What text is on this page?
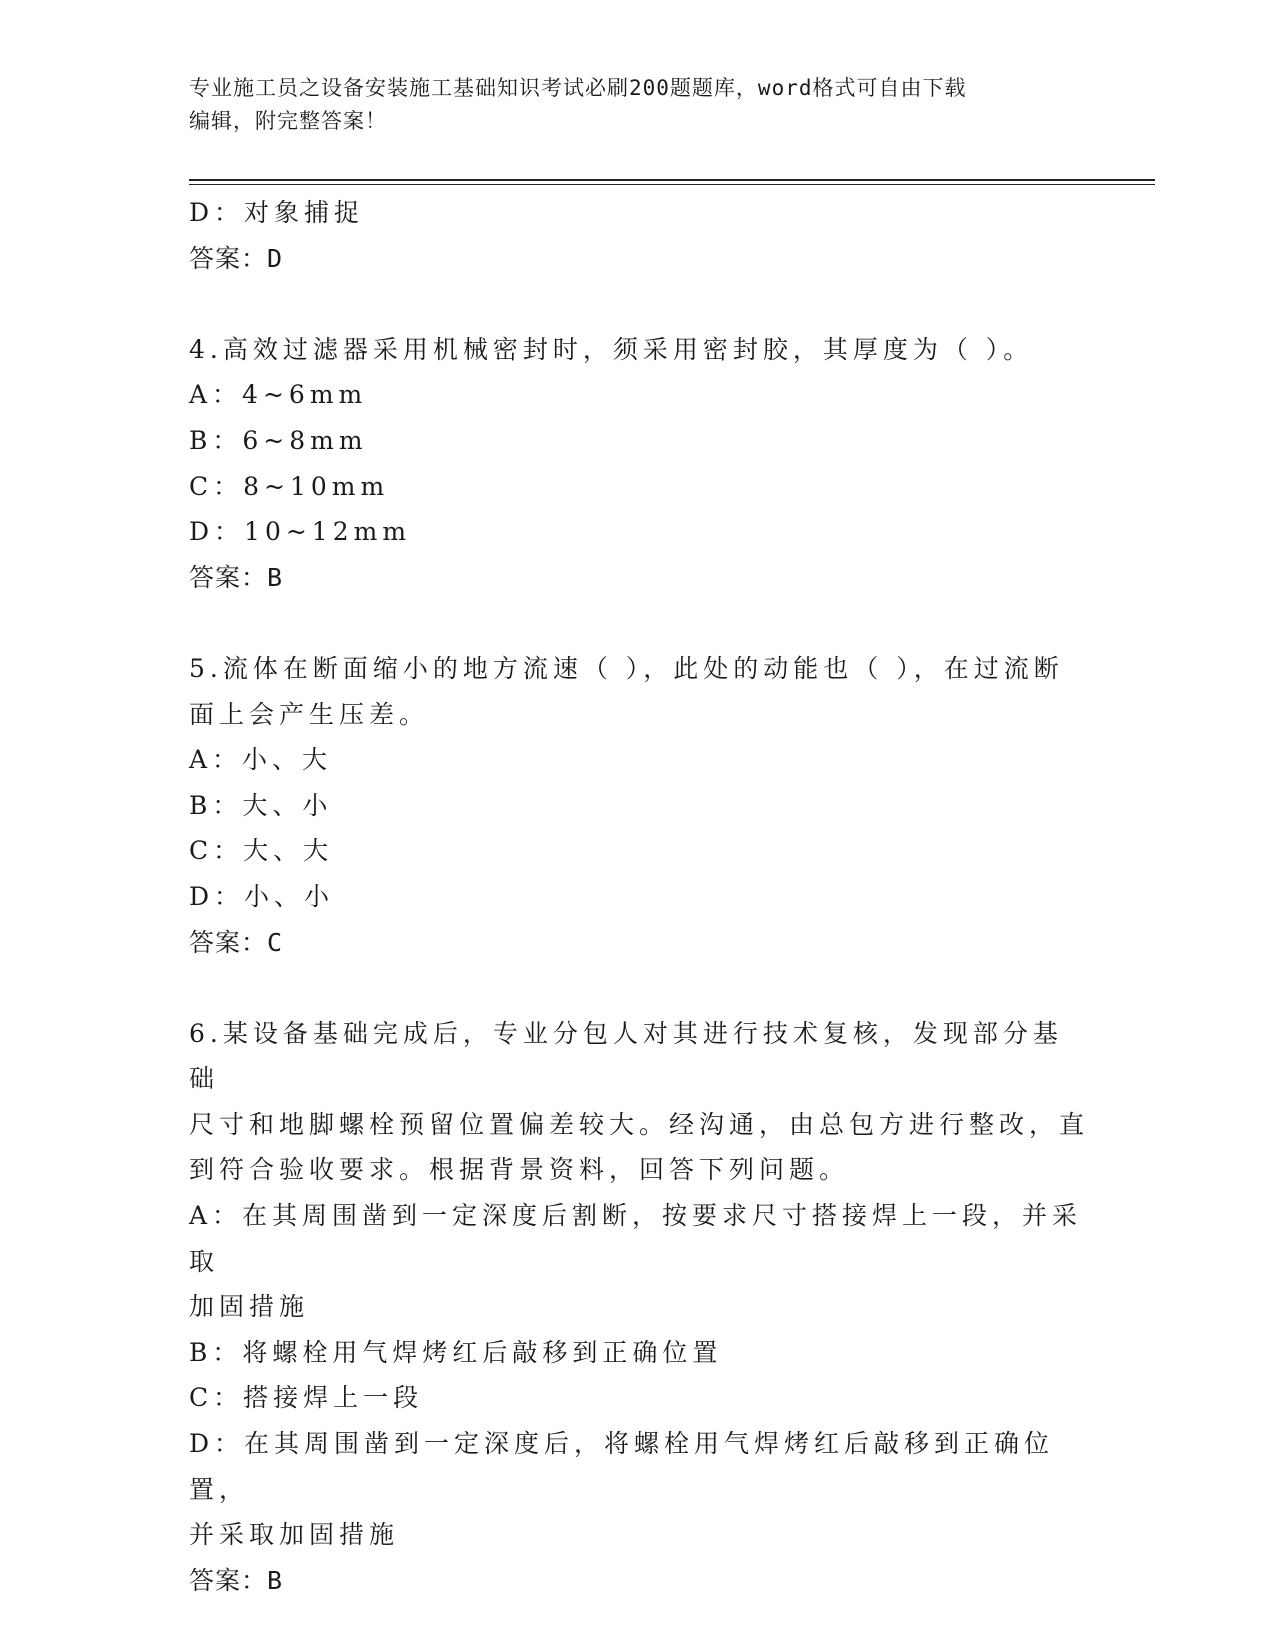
专业施工员之设备安装施工基础知识考试必刷200题题库，word格式可自由下载
编辑，附完整答案！
D：对象捕捉
答案：D
4.高效过滤器采用机械密封时，须采用密封胶，其厚度为（ ）。
A：4~6mm
B：6~8mm
C：8~10mm
D：10~12mm
答案：B
5.流体在断面缩小的地方流速（ ），此处的动能也（ ），在过流断
面上会产生压差。
A：小、大
B：大、小
C：大、大
D：小、小
答案：C
6.某设备基础完成后，专业分包人对其进行技术复核，发现部分基础
尺寸和地脚螺栓预留位置偏差较大。经沟通，由总包方进行整改，直
到符合验收要求。根据背景资料，回答下列问题。
A：在其周围凿到一定深度后割断，按要求尺寸搭接焊上一段，并采取
加固措施
B：将螺栓用气焊烤红后敲移到正确位置
C：搭接焊上一段
D：在其周围凿到一定深度后，将螺栓用气焊烤红后敲移到正确位置，
并采取加固措施
答案：B
